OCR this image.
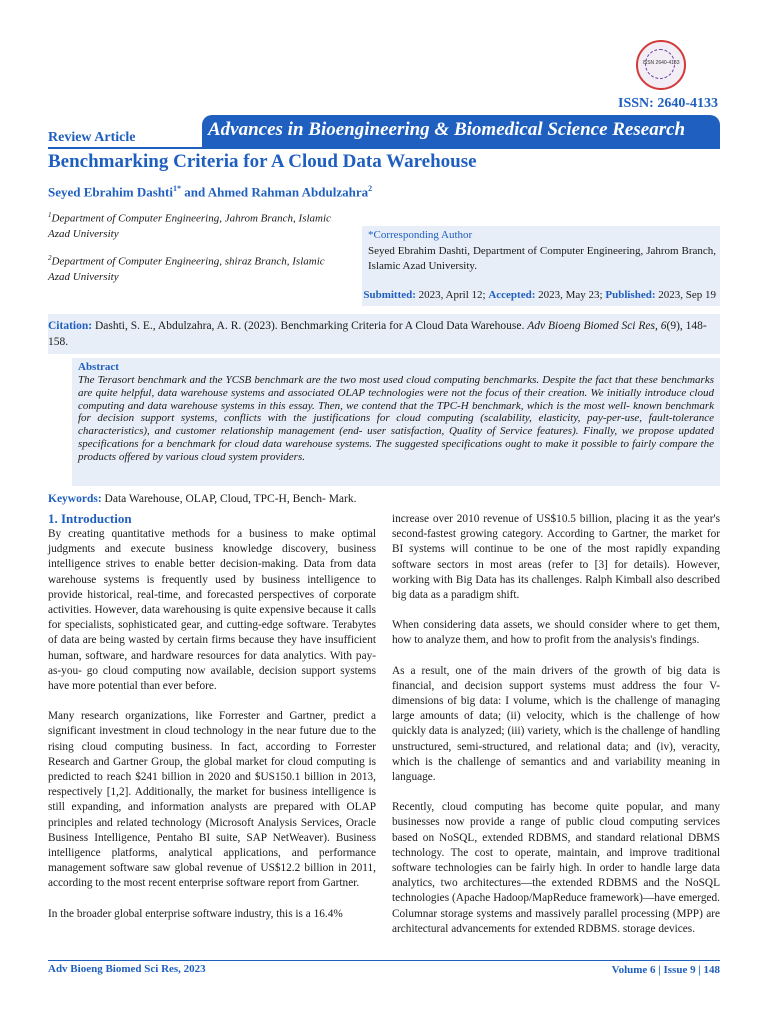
ISSN 2640-4133
ISSN: 2640-4133
Review Article	Advances in Bioengineering & Biomedical Science Research
Benchmarking Criteria for A Cloud Data Warehouse
Seyed Ebrahim Dashti$^{1*}$ and Ahmed Rahman Abdulzahra$^2$
$^1$Department of Computer Engineering, Jahrom Branch, Islamic Azad University
$^2$Department of Computer Engineering, shiraz Branch, Islamic Azad University
*Corresponding Author
Seyed Ebrahim Dashti, Department of Computer Engineering, Jahrom Branch, Islamic Azad University.
Submitted: 2023, April 12; Accepted: 2023, May 23; Published: 2023, Sep 19
Citation: Dashti, S. E., Abdulzahra, A. R. (2023). Benchmarking Criteria for A Cloud Data Warehouse. Adv Bioeng Biomed Sci Res, 6(9), 148-158.
Abstract
The Terasort benchmark and the YCSB benchmark are the two most used cloud computing benchmarks. Despite the fact that these benchmarks are quite helpful, data warehouse systems and associated OLAP technologies were not the focus of their creation. We initially introduce cloud computing and data warehouse systems in this essay. Then, we contend that the TPC-H benchmark, which is the most well- known benchmark for decision support systems, conflicts with the justifications for cloud computing (scalability, elasticity, pay-per-use, fault-tolerance characteristics), and customer relationship management (end- user satisfaction, Quality of Service features). Finally, we propose updated specifications for a benchmark for cloud data warehouse systems. The suggested specifications ought to make it possible to fairly compare the products offered by various cloud system providers.
Keywords: Data Warehouse, OLAP, Cloud, TPC-H, Bench- Mark.
1. Introduction

By creating quantitative methods for a business to make optimal judgments and execute business knowledge discovery, business intelligence strives to enable better decision-making. Data from data warehouse systems is frequently used by business intelligence to provide historical, real-time, and forecasted perspectives of corporate activities. However, data warehousing is quite expensive because it calls for specialists, sophisticated gear, and cutting-edge software. Terabytes of data are being wasted by certain firms because they have insufficient human, software, and hardware resources for data analytics. With pay-as-you- go cloud computing now available, decision support systems have more potential than ever before.

Many research organizations, like Forrester and Gartner, predict a significant investment in cloud technology in the near future due to the rising cloud computing business. In fact, according to Forrester Research and Gartner Group, the global market for cloud computing is predicted to reach $241 billion in 2020 and $US150.1 billion in 2013, respectively [1,2]. Additionally, the market for business intelligence is still expanding, and information analysts are prepared with OLAP principles and related technology (Microsoft Analysis Services, Oracle Business Intelligence, Pentaho BI suite, SAP NetWeaver). Business intelligence platforms, analytical applications, and performance management software saw global revenue of US$12.2 billion in 2011, according to the most recent enterprise software report from Gartner.

In the broader global enterprise software industry, this is a 16.4%

increase over 2010 revenue of US$10.5 billion, placing it as the year's second-fastest growing category. According to Gartner, the market for BI systems will continue to be one of the most rapidly expanding software sectors in most areas (refer to [3] for details). However, working with Big Data has its challenges. Ralph Kimball also described big data as a paradigm shift.

When considering data assets, we should consider where to get them, how to analyze them, and how to profit from the analysis's findings.

As a result, one of the main drivers of the growth of big data is financial, and decision support systems must address the four V-dimensions of big data: I volume, which is the challenge of managing large amounts of data; (ii) velocity, which is the challenge of how quickly data is analyzed; (iii) variety, which is the challenge of handling unstructured, semi-structured, and relational data; and (iv), veracity, which is the challenge of semantics and and variability meaning in language.

Recently, cloud computing has become quite popular, and many businesses now provide a range of public cloud computing services based on NoSQL, extended RDBMS, and standard relational DBMS technology. The cost to operate, maintain, and improve traditional software technologies can be fairly high. In order to handle large data analytics, two architectures—the extended RDBMS and the NoSQL technologies (Apache Hadoop/MapReduce framework)—have emerged. Columnar storage systems and massively parallel processing (MPP) are architectural advancements for extended RDBMS. storage devices.

Adv Bioeng Biomed Sci Res, 2023	Volume 6 | Issue 9 | 148
